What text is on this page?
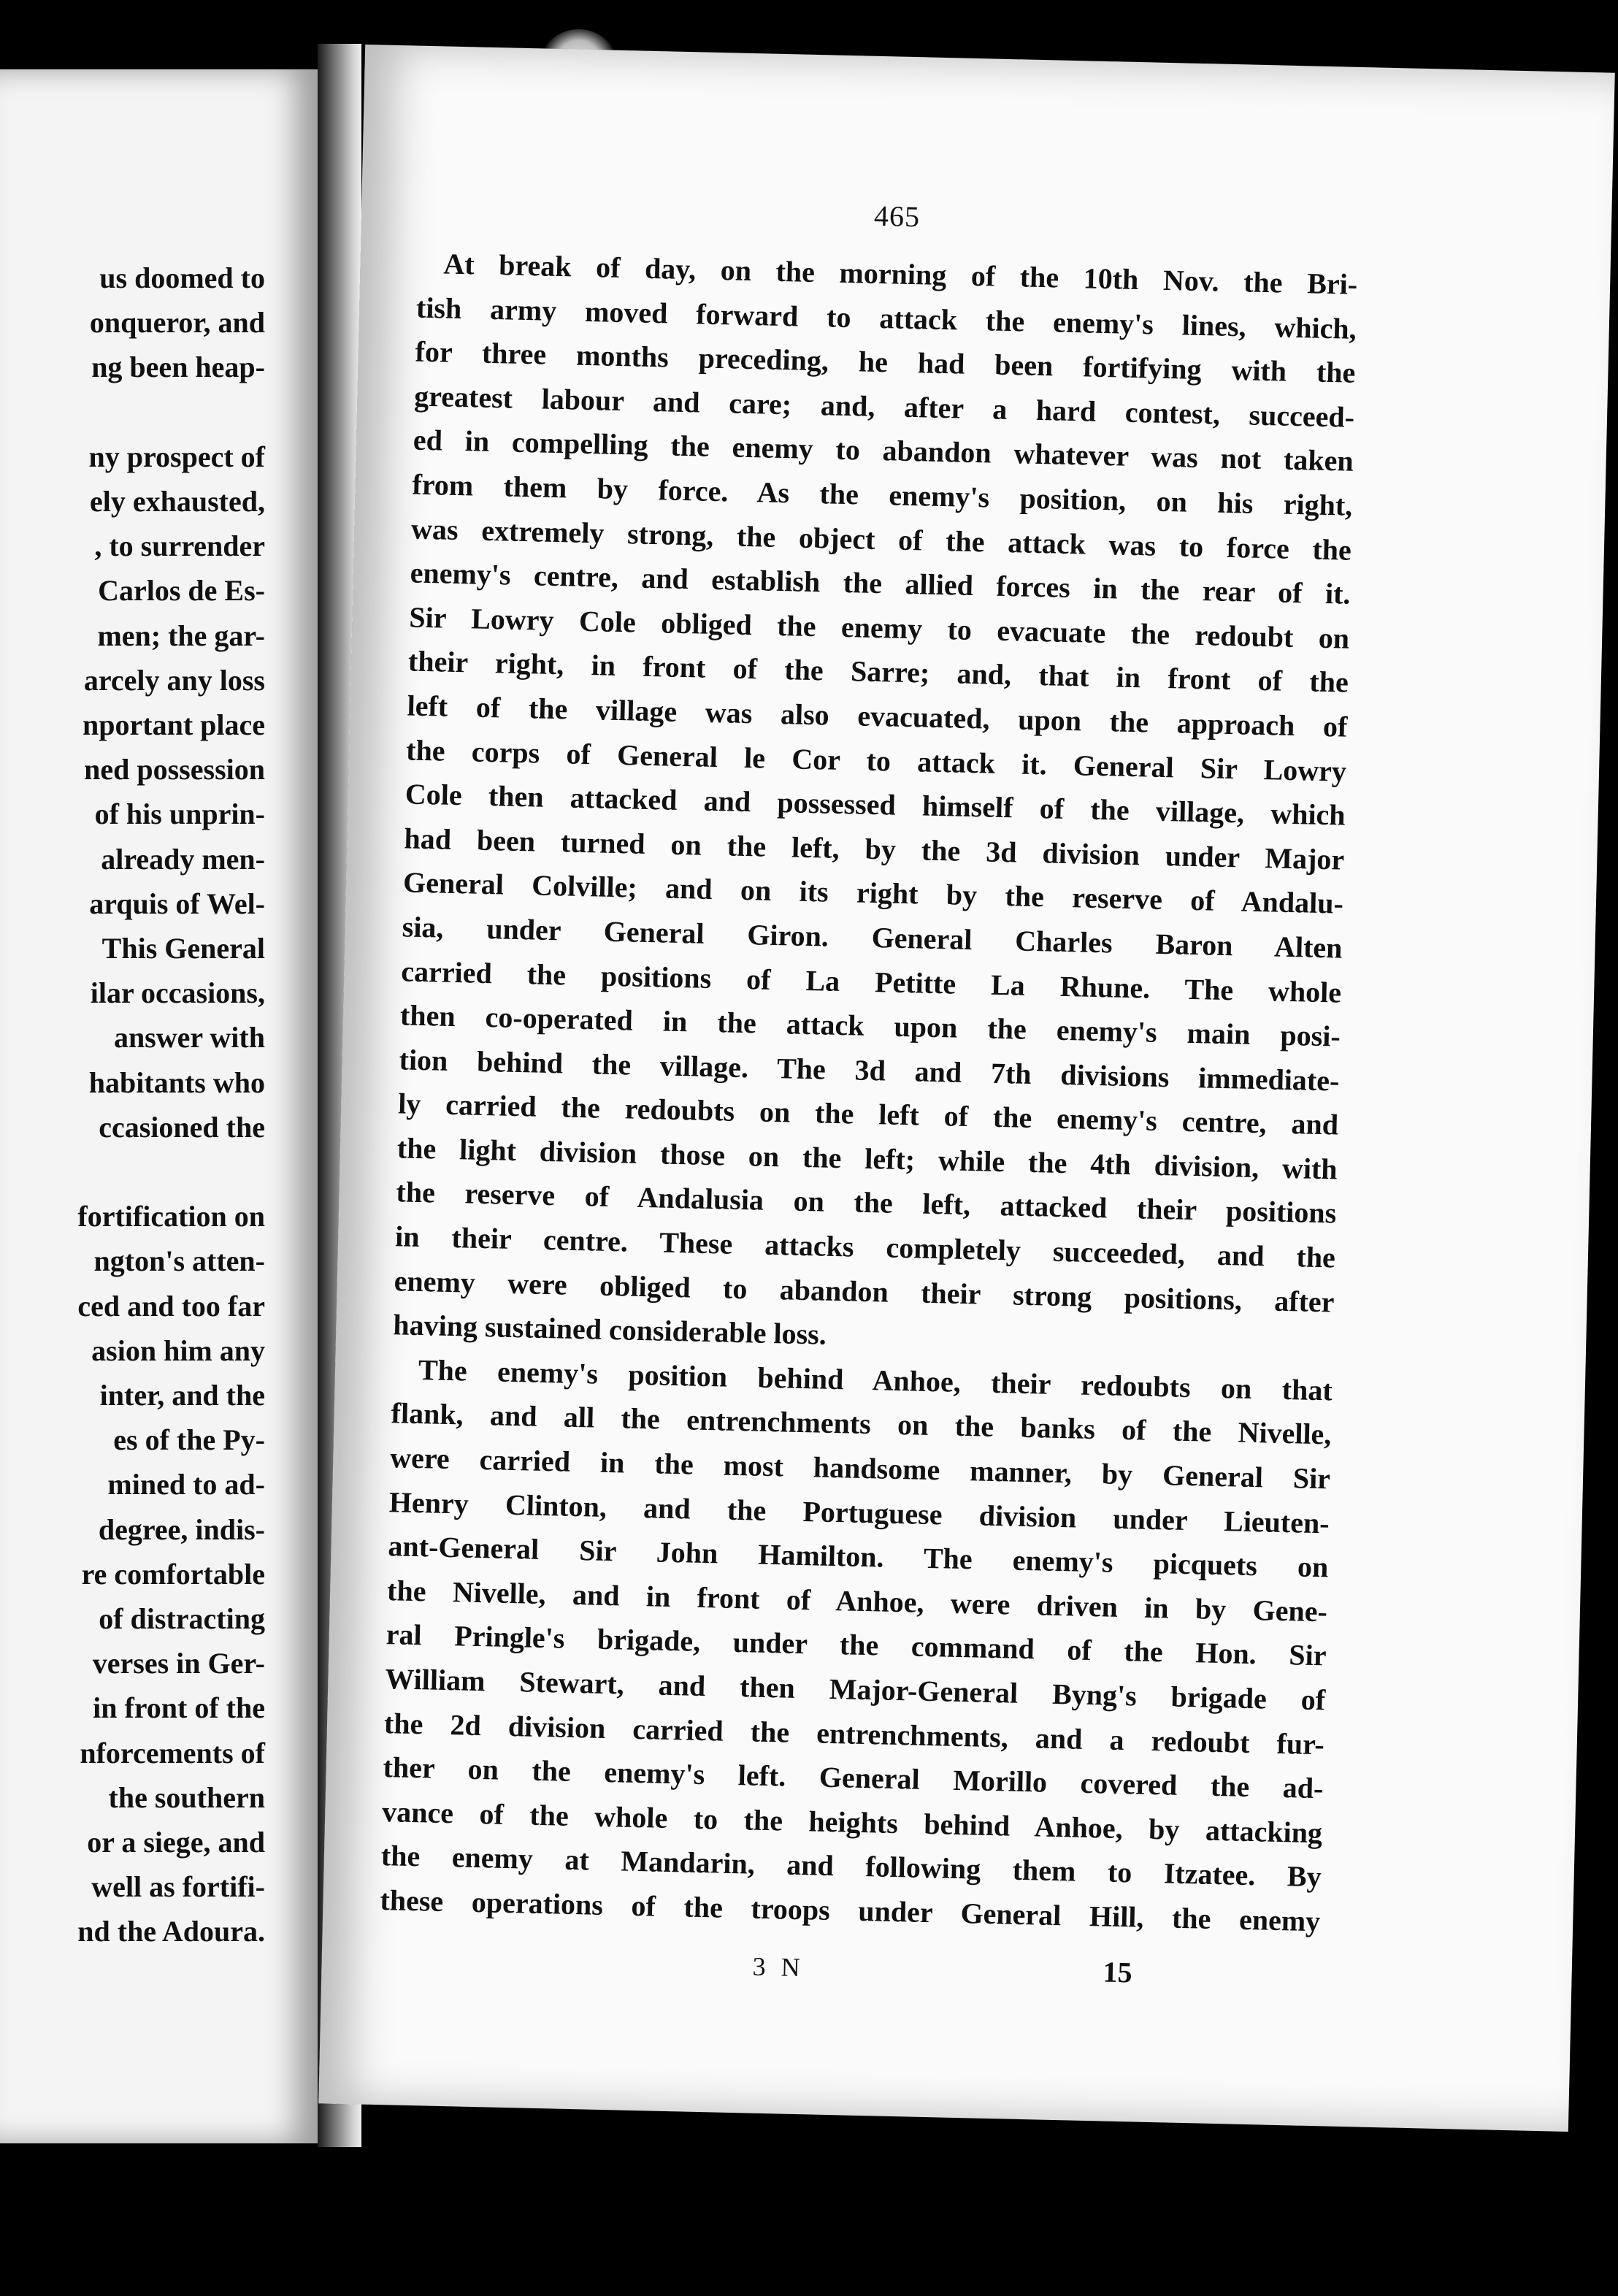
us doomed to
onqueror, and
ng been heap-
ny prospect of
ely exhausted,
, to surrender
Carlos de Es-
men; the gar-
arcely any loss
nportant place
ned possession
of his unprin-
already men-
arquis of Wel-
This General
ilar occasions,
answer with
habitants who
ccasioned the
fortification on
ngton's atten-
ced and too far
asion him any
inter, and the
es of the Py-
mined to ad-
degree, indis-
re comfortable
of distracting
verses in Ger-
in front of the
nforcements of
the southern
or a siege, and
well as fortifi-
nd the Adoura.
465
At break of day, on the morning of the 10th Nov. the Bri-
tish army moved forward to attack the enemy's lines, which,
for three months preceding, he had been fortifying with the
greatest labour and care; and, after a hard contest, succeed-
ed in compelling the enemy to abandon whatever was not taken
from them by force. As the enemy's position, on his right,
was extremely strong, the object of the attack was to force the
enemy's centre, and establish the allied forces in the rear of it.
Sir Lowry Cole obliged the enemy to evacuate the redoubt on
their right, in front of the Sarre; and, that in front of the
left of the village was also evacuated, upon the approach of
the corps of General le Cor to attack it. General Sir Lowry
Cole then attacked and possessed himself of the village, which
had been turned on the left, by the 3d division under Major
General Colville; and on its right by the reserve of Andalu-
sia, under General Giron. General Charles Baron Alten
carried the positions of La Petitte La Rhune. The whole
then co-operated in the attack upon the enemy's main posi-
tion behind the village. The 3d and 7th divisions immediate-
ly carried the redoubts on the left of the enemy's centre, and
the light division those on the left; while the 4th division, with
the reserve of Andalusia on the left, attacked their positions
in their centre. These attacks completely succeeded, and the
enemy were obliged to abandon their strong positions, after
having sustained considerable loss.
The enemy's position behind Anhoe, their redoubts on that
flank, and all the entrenchments on the banks of the Nivelle,
were carried in the most handsome manner, by General Sir
Henry Clinton, and the Portuguese division under Lieuten-
ant-General Sir John Hamilton. The enemy's picquets on
the Nivelle, and in front of Anhoe, were driven in by Gene-
ral Pringle's brigade, under the command of the Hon. Sir
William Stewart, and then Major-General Byng's brigade of
the 2d division carried the entrenchments, and a redoubt fur-
ther on the enemy's left. General Morillo covered the ad-
vance of the whole to the heights behind Anhoe, by attacking
the enemy at Mandarin, and following them to Itzatee. By
these operations of the troops under General Hill, the enemy
3 N	15
